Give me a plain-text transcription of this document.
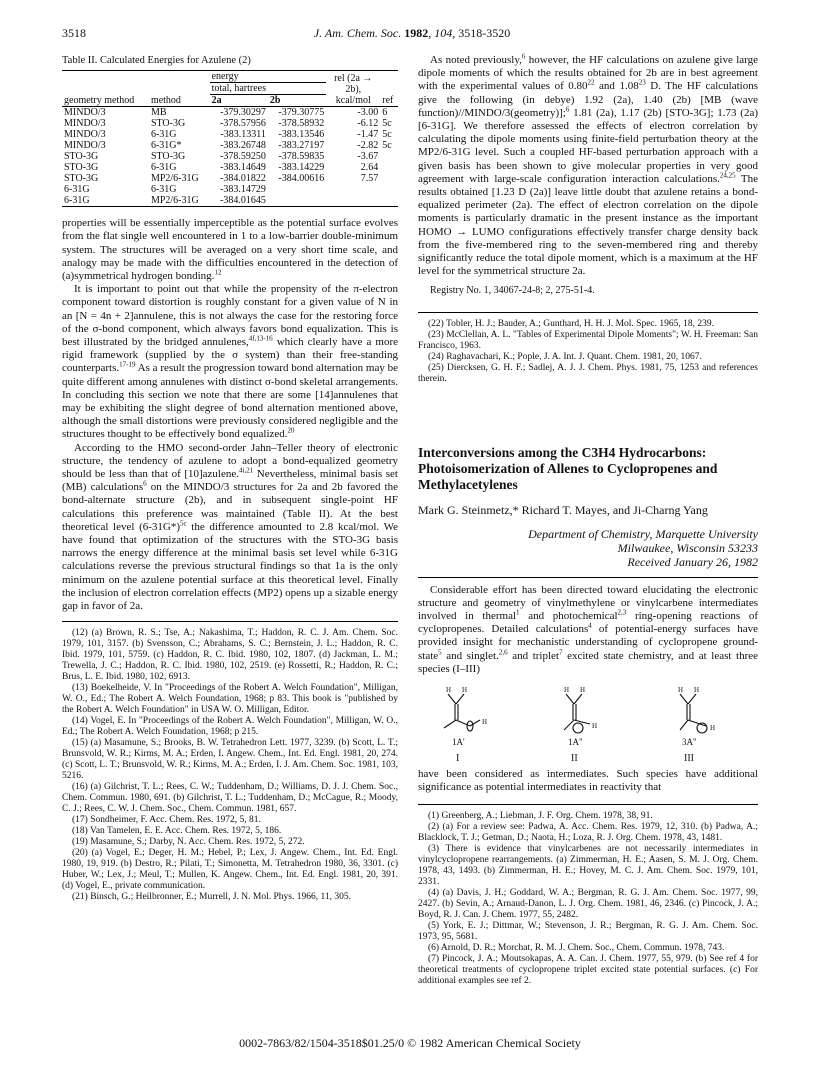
3518	J. Am. Chem. Soc. 1982, 104, 3518-3520
Table II. Calculated Energies for Azulene (2)
geometry method	method	energy		rel (2a → 2b), kcal/mol	ref
		total, hartrees			
		2a	2b		
MINDO/3	MB	-379.30297	-379.30775	-3.00	6
MINDO/3	STO-3G	-378.57956	-378.58932	-6.12	5c
MINDO/3	6-31G	-383.13311	-383.13546	-1.47	5c
MINDO/3	6-31G*	-383.26748	-383.27197	-2.82	5c
STO-3G	STO-3G	-378.59250	-378.59835	-3.67	
STO-3G	6-31G	-383.14649	-383.14229	2.64	
STO-3G	MP2/6-31G	-384.01822	-384.00616	7.57	
6-31G	6-31G	-383.14729			
6-31G	MP2/6-31G	-384.01645			

properties will be essentially imperceptible as the potential surface evolves from the flat single well encountered in 1 to a low-barrier double-minimum system. The structures will be averaged on a very short time scale, and analogy may be made with the difficulties encountered in the detection of (a)symmetrical hydrogen bonding.$^{12}$

It is important to point out that while the propensity of the π-electron component toward distortion is roughly constant for a given value of N in an [N = 4n + 2]annulene, this is not always the case for the restoring force of the σ-bond component, which always favors bond equalization. This is best illustrated by the bridged annulenes,$^{4f,13-16}$ which clearly have a more rigid framework (supplied by the σ system) than their free-standing counterparts.$^{17-19}$ As a result the progression toward bond alternation may be quite different among annulenes with distinct σ-bond skeletal arrangements. In concluding this section we note that there are some [14]annulenes that may be exhibiting the slight degree of bond alternation mentioned above, although the small distortions were previously considered negligible and the structures thought to be effectively bond equalized.$^{20}$

According to the HMO second-order Jahn–Teller theory of electronic structure, the tendency of azulene to adopt a bond-equalized geometry should be less than that of [10]azulene.$^{4i,21}$ Nevertheless, minimal basis set (MB) calculations$^6$ on the MINDO/3 structures for 2a and 2b favored the bond-alternate structure (2b), and in subsequent single-point HF calculations this preference was maintained (Table II). At the best theoretical level $(6-31G*)^{5c}$ the difference amounted to 2.8 kcal/mol. We have found that optimization of the structures with the STO-3G basis narrows the energy difference at the minimal basis set level while 6-31G calculations reverse the previous structural findings so that 1a is the only minimum on the azulene potential surface at this theoretical level. Finally the inclusion of electron correlation effects (MP2) opens up a sizable energy gap in favor of 2a.

(12) (a) Brown, R. S.; Tse, A.; Nakashima, T.; Haddon, R. C. J. Am. Chem. Soc. 1979, 101, 3157. (b) Svensson, C.; Abrahams, S. C.; Bernstein, J. L.; Haddon, R. C. Ibid. 1979, 101, 5759. (c) Haddon, R. C. Ibid. 1980, 102, 1807. (d) Jackman, L. M.; Trewella, J. C.; Haddon, R. C. Ibid. 1980, 102, 2519. (e) Rossetti, R.; Haddon, R. C.; Brus, L. E. Ibid. 1980, 102, 6913.

(13) Boekelheide, V. In "Proceedings of the Robert A. Welch Foundation", Milligan, W. O., Ed.; The Robert A. Welch Foundation, 1968; p 83. This book is "published by the Robert A. Welch Foundation" in USA W. O. Milligan, Editor.

(14) Vogel, E. In "Proceedings of the Robert A. Welch Foundation", Milligan, W. O., Ed.; The Robert A. Welch Foundation, 1968; p 215.

(15) (a) Masamune, S.; Brooks, B. W. Tetrahedron Lett. 1977, 3239. (b) Scott, L. T.; Brunsvold, W. R.; Kirms, M. A.; Erden, I. Angew. Chem., Int. Ed. Engl. 1981, 20, 274. (c) Scott, L. T.; Brunsvold, W. R.; Kirms, M. A.; Erden, I. J. Am. Chem. Soc. 1981, 103, 5216.

(16) (a) Gilchrist, T. L.; Rees, C. W.; Tuddenham, D.; Williams, D. J. J. Chem. Soc., Chem. Commun. 1980, 691. (b) Gilchrist, T. L.; Tuddenham, D.; McCague, R.; Moody, C. J.; Rees, C. W. J. Chem. Soc., Chem. Commun. 1981, 657.

(17) Sondheimer, F. Acc. Chem. Res. 1972, 5, 81.

(18) Van Tamelen, E. E. Acc. Chem. Res. 1972, 5, 186.

(19) Masamune, S.; Darby, N. Acc. Chem. Res. 1972, 5, 272.

(20) (a) Vogel, E.; Deger, H. M.; Hebel, P.; Lex, J. Angew. Chem., Int. Ed. Engl. 1980, 19, 919. (b) Destro, R.; Pilati, T.; Simonetta, M. Tetrahedron 1980, 36, 3301. (c) Huber, W.; Lex, J.; Meul, T.; Mullen, K. Angew. Chem., Int. Ed. Engl. 1981, 20, 391. (d) Vogel, E., private communication.

(21) Binsch, G.; Heilbronner, E.; Murrell, J. N. Mol. Phys. 1966, 11, 305.

As noted previously,$^6$ however, the HF calculations on azulene give large dipole moments of which the results obtained for 2b are in best agreement with the experimental values of 0.80$^{22}$ and 1.08$^{23}$ D. The HF calculations give the following (in debye) 1.92 (2a), 1.40 (2b) [MB (wave function)//MINDO/3(geometry)];$^6$ 1.81 (2a), 1.17 (2b) [STO-3G]; 1.73 (2a) [6-31G]. We therefore assessed the effects of electron correlation by calculating the dipole moments using finite-field perturbation theory at the MP2/6-31G level. Such a coupled HF-based perturbation approach with a given basis has been shown to give molecular properties in very good agreement with large-scale configuration interaction calculations.$^{24,25}$ The results obtained [1.23 D (2a)] leave little doubt that azulene retains a bond-equalized perimeter (2a). The effect of electron correlation on the dipole moments is particularly dramatic in the present instance as the important HOMO → LUMO configurations effectively transfer charge density back from the five-membered ring to the seven-membered ring and thereby significantly reduce the total dipole moment, which is a maximum at the HF level for the symmetrical structure 2a.

Registry No. 1, 34067-24-8; 2, 275-51-4.

(22) Tobler, H. J.; Bauder, A.; Gunthard, H. H. J. Mol. Spec. 1965, 18, 239.

(23) McClellan, A. L. "Tables of Experimental Dipole Moments"; W. H. Freeman: San Francisco, 1963.

(24) Raghavachari, K.; Pople, J. A. Int. J. Quant. Chem. 1981, 20, 1067.

(25) Diercksen, G. H. F.; Sadlej, A. J. J. Chem. Phys. 1981, 75, 1253 and references therein.

Interconversions among the C3H4 Hydrocarbons: Photoisomerization of Allenes to Cyclopropenes and Methylacetylenes
Mark G. Steinmetz,* Richard T. Mayes, and Ji-Charng Yang
Department of Chemistry, Marquette University
Milwaukee, Wisconsin 53233
Received January 26, 1982

Considerable effort has been directed toward elucidating the electronic structure and geometry of vinylmethylene or vinylcarbene intermediates involved in thermal$^1$ and photochemical$^{2,3}$ ring-opening reactions of cyclopropenes. Detailed calculations$^4$ of potential-energy surfaces have provided insight for mechanistic understanding of cyclopropene ground-state$^5$ and singlet.$^{2,6}$ and triplet$^7$ excited state chemistry, and at least three species (I–III)

H H
H
H H
H
H H
H
1A'	1A"	3A"
I	II	III

have been considered as intermediates. Such species have additional significance as potential intermediates in reactivity that

(1) Greenberg, A.; Liebman, J. F. Org. Chem. 1978, 38, 91.

(2) (a) For a review see: Padwa, A. Acc. Chem. Res. 1979, 12, 310. (b) Padwa, A.; Blacklock, T. J.; Getman, D.; Naota, H.; Loza, R. J. Org. Chem. 1978, 43, 1481.

(3) There is evidence that vinylcarbenes are not necessarily intermediates in vinylcyclopropene rearrangements. (a) Zimmerman, H. E.; Aasen, S. M. J. Org. Chem. 1978, 43, 1493. (b) Zimmerman, H. E.; Hovey, M. C. J. Am. Chem. Soc. 1979, 101, 2331.

(4) (a) Davis, J. H.; Goddard, W. A.; Bergman, R. G. J. Am. Chem. Soc. 1977, 99, 2427. (b) Sevin, A.; Arnaud-Danon, L. J. Org. Chem. 1981, 46, 2346. (c) Pincock, J. A.; Boyd, R. J. Can. J. Chem. 1977, 55, 2482.

(5) York, E. J.; Dittmar, W.; Stevenson, J. R.; Bergman, R. G. J. Am. Chem. Soc. 1973, 95, 5681.

(6) Arnold, D. R.; Morchat, R. M. J. Chem. Soc., Chem. Commun. 1978, 743.

(7) Pincock, J. A.; Moutsokapas, A. A. Can. J. Chem. 1977, 55, 979. (b) See ref 4 for theoretical treatments of cyclopropene triplet excited state potential surfaces. (c) For additional examples see ref 2.

0002-7863/82/1504-3518$01.25/0 © 1982 American Chemical Society
